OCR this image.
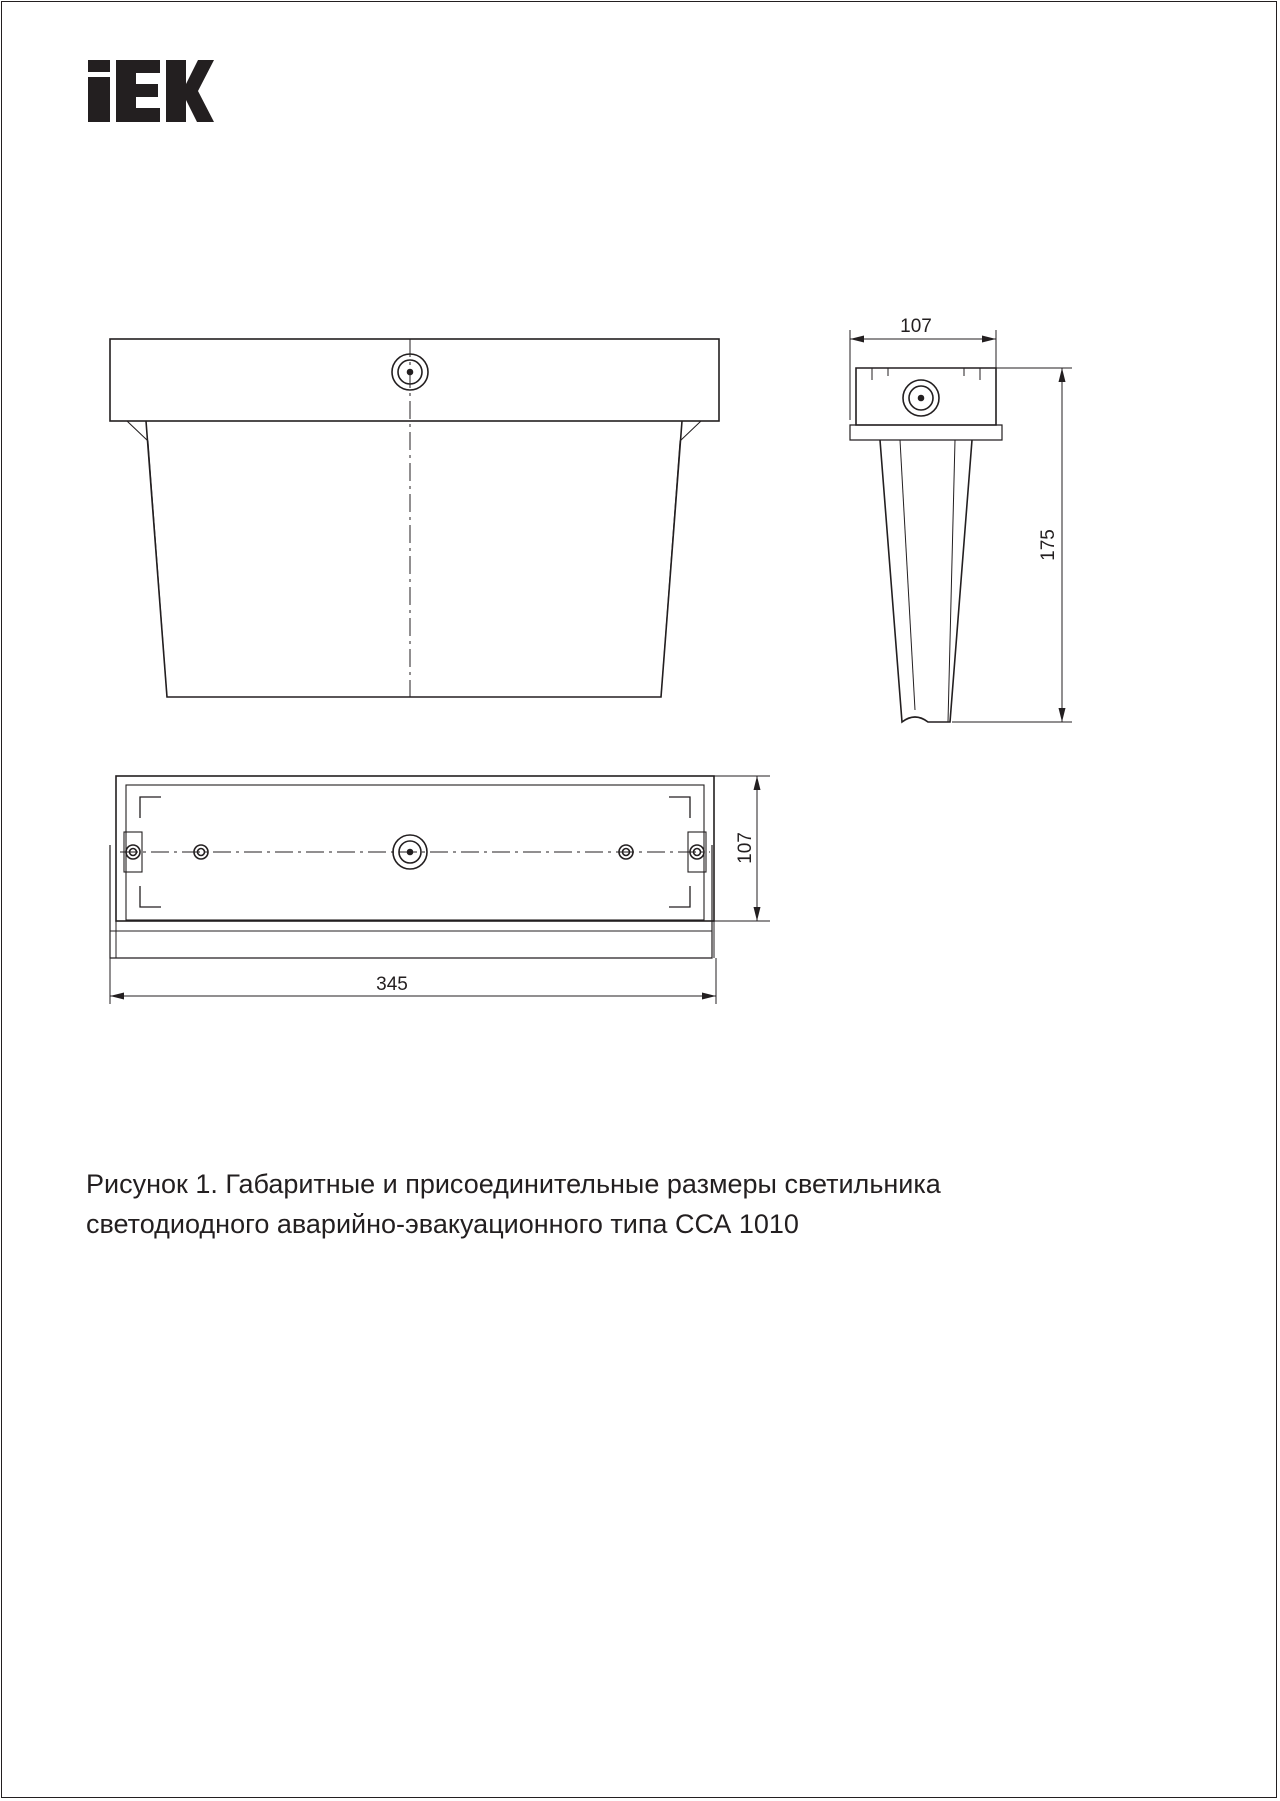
107
175
107
345
Рисунок 1. Габаритные и присоединительные размеры светильника
светодиодного аварийно-эвакуационного типа ССА 1010
